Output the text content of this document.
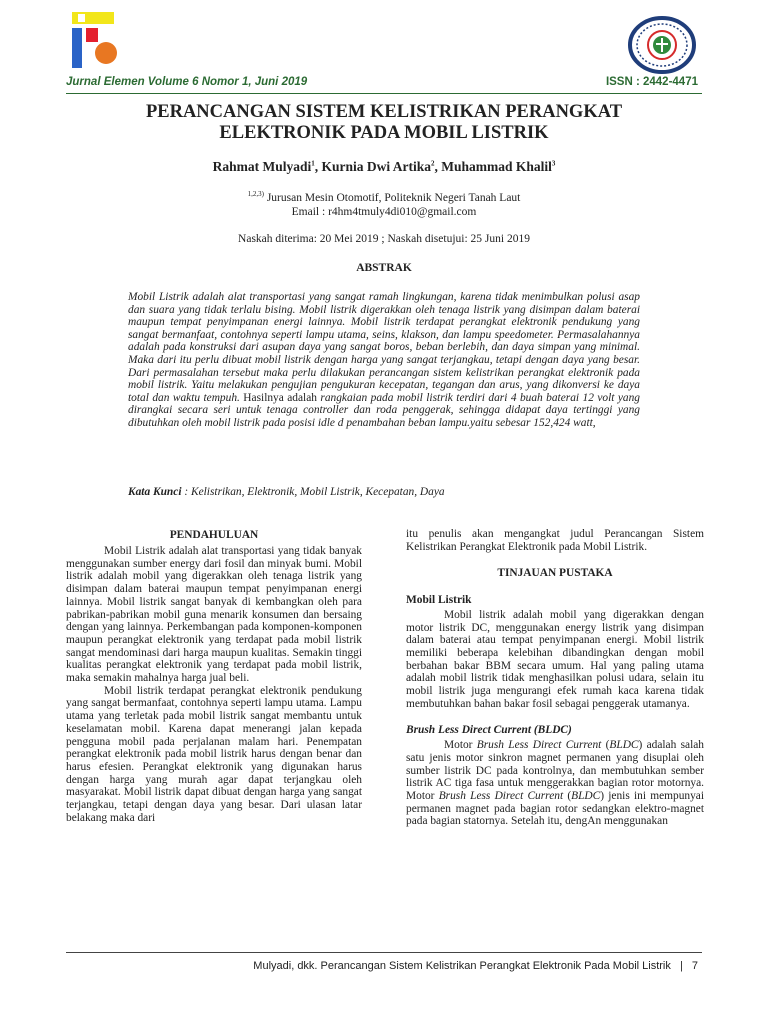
Jurnal Elemen Volume 6 Nomor 1, Juni 2019	ISSN : 2442-4471
PERANCANGAN SISTEM KELISTRIKAN PERANGKAT
ELEKTRONIK PADA MOBIL LISTRIK
Rahmat Mulyadi$^1$, Kurnia Dwi Artika$^2$, Muhammad Khalil$^3$
$^{1,2,3)}$ Jurusan Mesin Otomotif, Politeknik Negeri Tanah Laut
Email : r4hm4tmuly4di010@gmail.com
Naskah diterima: 20 Mei 2019 ; Naskah disetujui: 25 Juni 2019
ABSTRAK
Mobil Listrik adalah alat transportasi yang sangat ramah lingkungan, karena tidak menimbulkan polusi asap dan suara yang tidak terlalu bising. Mobil listrik digerakkan oleh tenaga listrik yang disimpan dalam baterai maupun tempat penyimpanan energi lainnya. Mobil listrik terdapat perangkat elektronik pendukung yang sangat bermanfaat, contohnya seperti lampu utama, seins, klakson, dan lampu speedometer. Permasalahannya adalah pada konstruksi dari asupan daya yang sangat boros, beban berlebih, dan daya simpan yang minimal. Maka dari itu perlu dibuat mobil listrik dengan harga yang sangat terjangkau, tetapi dengan daya yang besar. Dari permasalahan tersebut maka perlu dilakukan perancangan sistem kelistrikan perangkat elektronik pada mobil listrik. Yaitu melakukan pengujian pengukuran kecepatan, tegangan dan arus, yang dikonversi ke daya total dan waktu tempuh. Hasilnya adalah rangkaian pada mobil listrik terdiri dari 4 buah baterai 12 volt yang dirangkai secara seri untuk tenaga controller dan roda penggerak, sehingga didapat daya tertinggi yang dibutuhkan oleh mobil listrik pada posisi idle d penambahan beban lampu.yaitu sebesar 152,424 watt,
Kata Kunci : Kelistrikan, Elektronik, Mobil Listrik, Kecepatan, Daya
PENDAHULUAN

Mobil Listrik adalah alat transportasi yang tidak banyak menggunakan sumber energy dari fosil dan minyak bumi. Mobil listrik adalah mobil yang digerakkan oleh tenaga listrik yang disimpan dalam baterai maupun tempat penyimpanan energi lainnya. Mobil listrik sangat banyak di kembangkan oleh para pabrikan-pabrikan mobil guna menarik konsumen dan bersaing dengan yang lainnya. Perkembangan pada komponen-komponen maupun perangkat elektronik yang terdapat pada mobil listrik sangat mendominasi dari harga maupun kualitas. Semakin tinggi kualitas perangkat elektronik yang terdapat pada mobil listrik, maka semakin mahalnya harga jual beli.

Mobil listrik terdapat perangkat elektronik pendukung yang sangat bermanfaat, contohnya seperti lampu utama. Lampu utama yang terletak pada mobil listrik sangat membantu untuk keselamatan mobil. Karena dapat menerangi jalan kepada pengguna mobil pada perjalanan malam hari. Penempatan perangkat elektronik pada mobil listrik harus dengan benar dan harus efesien. Perangkat elektronik yang digunakan harus dengan harga yang murah agar dapat terjangkau oleh masyarakat. Mobil listrik dapat dibuat dengan harga yang sangat terjangkau, tetapi dengan daya yang besar. Dari ulasan latar belakang maka dari

itu penulis akan mengangkat judul Perancangan Sistem Kelistrikan Perangkat Elektronik pada Mobil Listrik.

TINJAUAN PUSTAKA
Mobil Listrik

Mobil listrik adalah mobil yang digerakkan dengan motor listrik DC, menggunakan energy listrik yang disimpan dalam baterai atau tempat penyimpanan energi. Mobil listrik memiliki beberapa kelebihan dibandingkan dengan mobil berbahan bakar BBM secara umum. Hal yang paling utama adalah mobil listrik tidak menghasilkan polusi udara, selain itu mobil listrik juga mengurangi efek rumah kaca karena tidak membutuhkan bahan bakar fosil sebagai penggerak utamanya.

Brush Less Direct Current (BLDC)

Motor Brush Less Direct Current (BLDC) adalah salah satu jenis motor sinkron magnet permanen yang disuplai oleh sumber listrik DC pada kontrolnya, dan membutuhkan sember listrik AC tiga fasa untuk menggerakkan bagian rotor motornya. Motor Brush Less Direct Current (BLDC) jenis ini mempunyai permanen magnet pada bagian rotor sedangkan elektro-magnet pada bagian statornya. Setelah itu, dengAn menggunakan

Mulyadi, dkk. Perancangan Sistem Kelistrikan Perangkat Elektronik Pada Mobil Listrik | 7
